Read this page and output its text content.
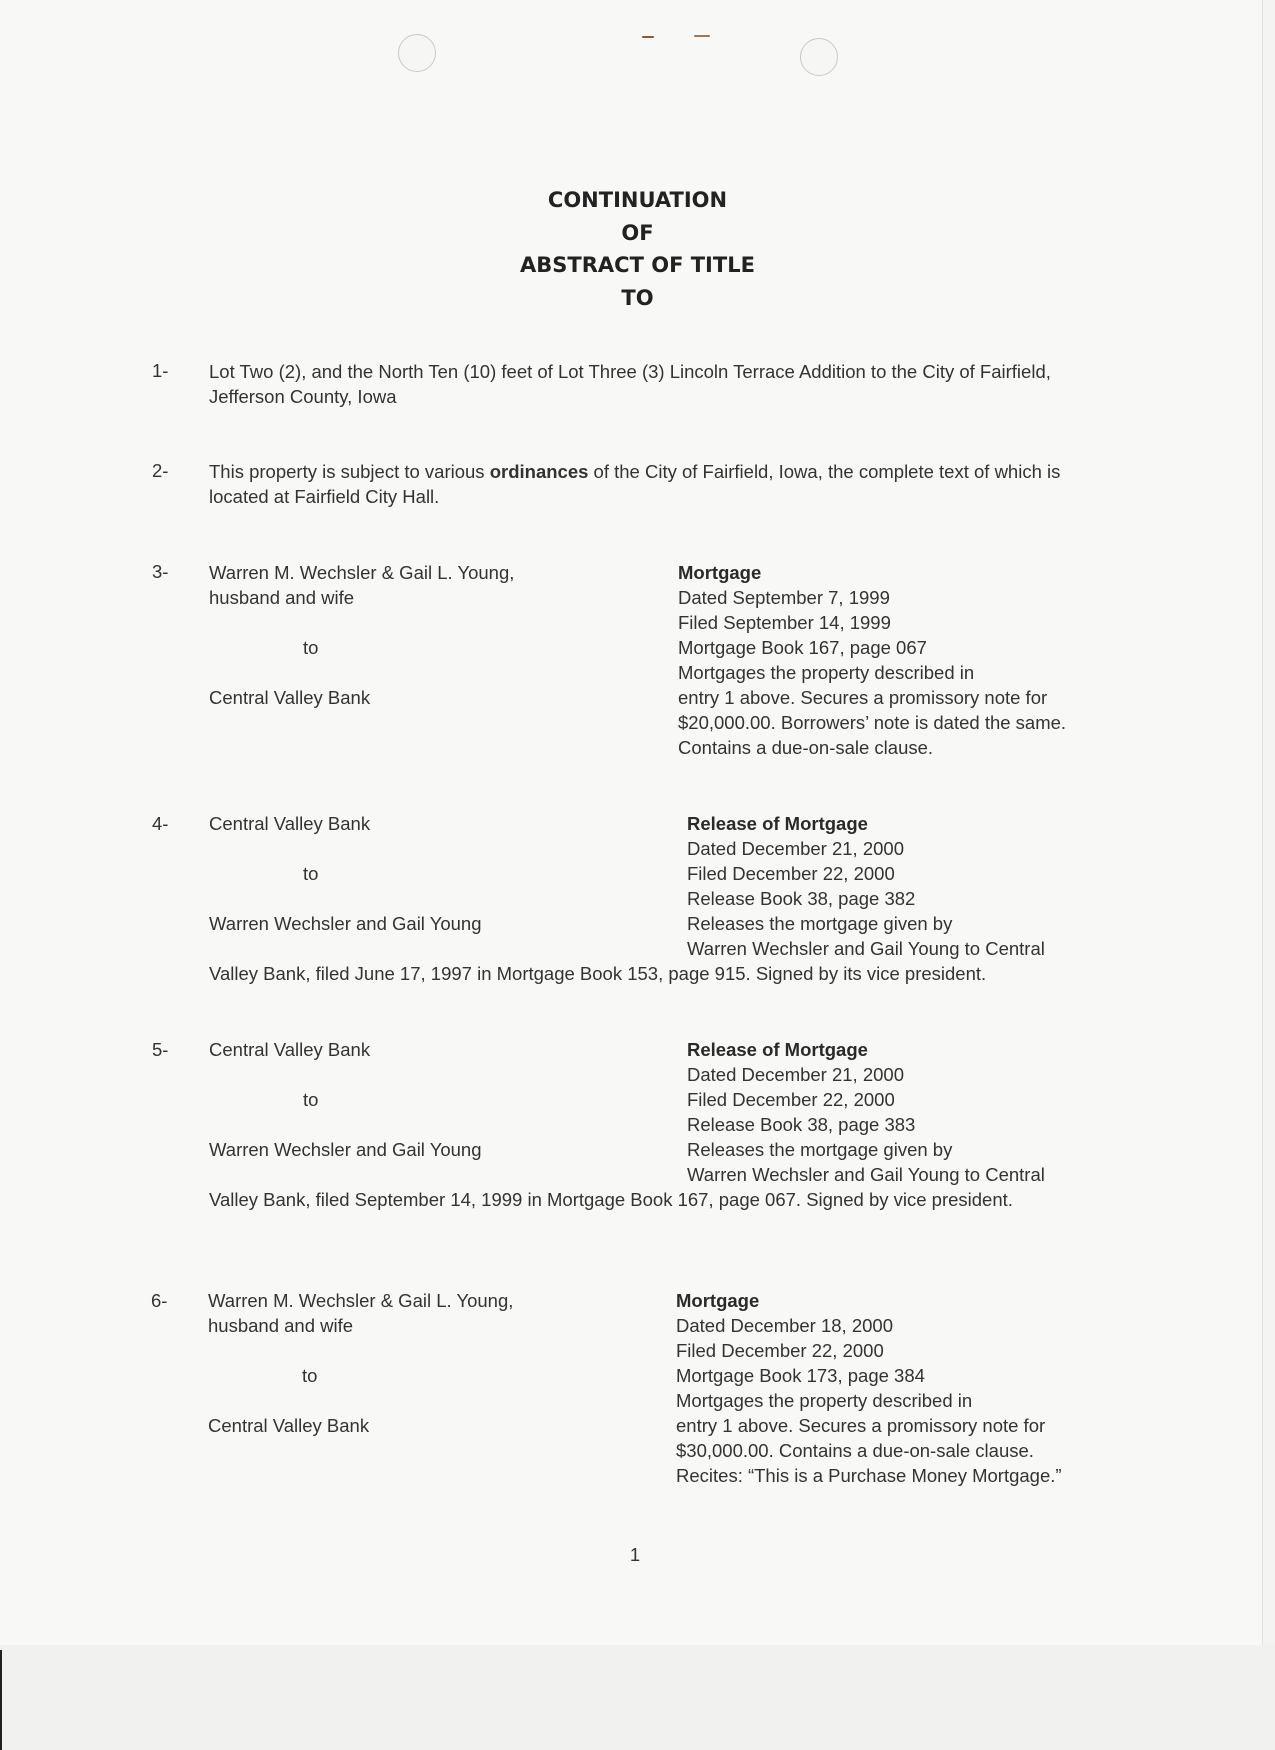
CONTINUATION
OF
ABSTRACT OF TITLE
TO
1- Lot Two (2), and the North Ten (10) feet of Lot Three (3) Lincoln Terrace Addition to the City of Fairfield, Jefferson County, Iowa
2- This property is subject to various ordinances of the City of Fairfield, Iowa, the complete text of which is located at Fairfield City Hall.
3- Warren M. Wechsler & Gail L. Young,
husband and wife
to
Central Valley Bank
Mortgage
Dated September 7, 1999
Filed September 14, 1999
Mortgage Book 167, page 067
Mortgages the property described in
entry 1 above. Secures a promissory note for
$20,000.00. Borrowers’ note is dated the same.
Contains a due-on-sale clause.
4- Central Valley Bank
to
Warren Wechsler and Gail Young
Release of Mortgage
Dated December 21, 2000
Filed December 22, 2000
Release Book 38, page 382
Releases the mortgage given by
Warren Wechsler and Gail Young to Central
Valley Bank, filed June 17, 1997 in Mortgage Book 153, page 915. Signed by its vice president.
5- Central Valley Bank
to
Warren Wechsler and Gail Young
Release of Mortgage
Dated December 21, 2000
Filed December 22, 2000
Release Book 38, page 383
Releases the mortgage given by
Warren Wechsler and Gail Young to Central
Valley Bank, filed September 14, 1999 in Mortgage Book 167, page 067. Signed by vice president.
6- Warren M. Wechsler & Gail L. Young,
husband and wife
to
Central Valley Bank
Mortgage
Dated December 18, 2000
Filed December 22, 2000
Mortgage Book 173, page 384
Mortgages the property described in
entry 1 above. Secures a promissory note for
$30,000.00. Contains a due-on-sale clause.
Recites: “This is a Purchase Money Mortgage.”
1
